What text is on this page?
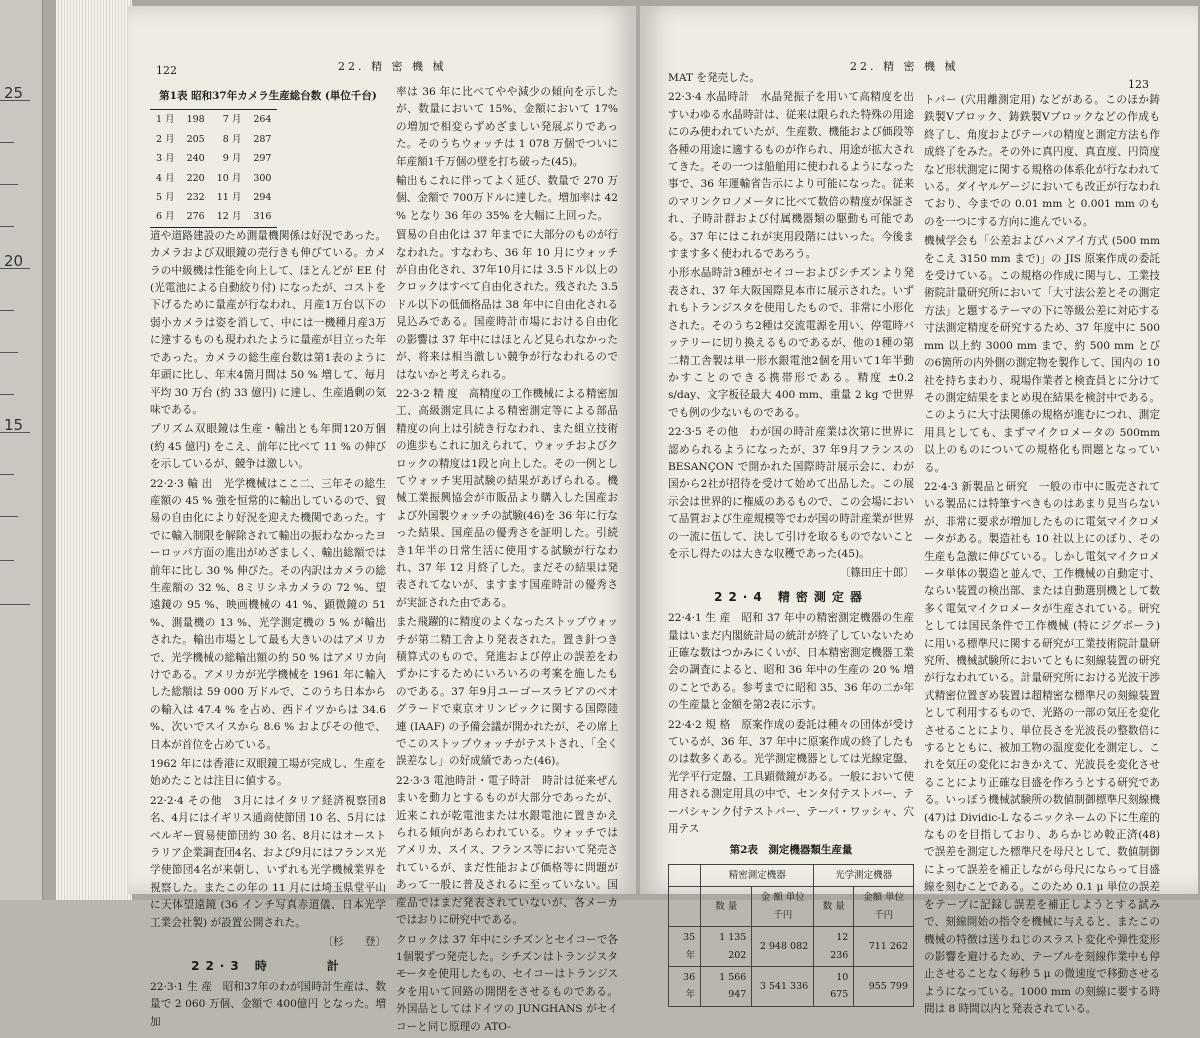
25
20
15
122	22. 精 密 機 械
第1表 昭和37年カメラ生産総台数 (単位千台)
1 月	198	7 月	264
2 月	205	8 月	287
3 月	240	9 月	297
4 月	220	10 月	300
5 月	232	11 月	294
6 月	276	12 月	316

道や道路建設のため測量機関係は好況であった。カメラおよび双眼鏡の売行きも伸びている。カメラの中級機は性能を向上して、ほとんどが EE 付 (光電池による自動絞り付) になったが、コストを下げるために量産が行なわれ、月産1万台以下の弱小カメラは姿を消して、中には一機種月産3万に達するものも現われたように量産が目立った年であった。カメラの総生産台数は第1表のように年頭に比し、年末4箇月間は 50 % 増して、毎月平均 30 万台 (約 33 億円) に達し、生産過剰の気味である。

プリズム双眼鏡は生産・輸出とも年間120万個 (約 45 億円) をこえ、前年に比べて 11 % の伸びを示しているが、競争は激しい。

22·2·3 輸 出　光学機械はここ二、三年その総生産額の 45 % 強を恒常的に輸出しているので、貿易の自由化により好況を迎えた機関であった。すでに輸入制限を解除されて輸出の振わなかったヨーロッパ方面の進出がめざましく、輸出総額では前年に比し 30 % 伸びた。その内訳はカメラの総生産額の 32 %、8ミリシネカメラの 72 %、望遠鏡の 95 %、映画機械の 41 %、顕微鏡の 51 %、測量機の 13 %、光学測定機の 5 % が輸出された。輸出市場として最も大きいのはアメリカで、光学機械の総輸出額の約 50 % はアメリカ向けである。アメリカが光学機械を 1961 年に輸入した総額は 59 000 万ドルで、このうち日本からの輸入は 47.4 % を占め、西ドイツからは 34.6 %、次いでスイスから 8.6 % およびその他で、日本が首位を占めている。

1962 年には香港に双眼鏡工場が完成し、生産を始めたことは注目に値する。

22·2·4 その他　3月にはイタリア経済視察団8名、4月にはイギリス通商使節団 10 名、5月にはベルギー貿易使節団約 30 名、8月にはオーストラリア企業調査団4名、および9月にはフランス光学使節団4名が来朝し、いずれも光学機械業界を視察した。またこの年の 11 月には埼玉県堂平山に天体望遠鏡 (36 インチ写真赤道儀、日本光学工業会社製) が設置公開された。

〔杉　　登〕
22·3 時　　　計

22·3·1 生 産　昭和37年のわが国時計生産は、数量で 2 060 万個、金額で 400億円 となった。増加

率は 36 年に比べてやや減少の傾向を示したが、数量において 15%、金額において 17% の増加で相変らずめざましい発展ぶりであった。そのうちウォッチは 1 078 万個でついに年産額1千万個の壁を打ち破った(45)。

輸出もこれに伴ってよく延び、数量で 270 万個、金額で 700万ドルに達した。増加率は 42 % となり 36 年の 35% を大幅に上回った。

貿易の自由化は 37 年までに大部分のものが行なわれた。すなわち、36 年 10 月にウォッチが自由化され、37年10月には 3.5ドル以上のクロックはすべて自由化された。残された 3.5 ドル以下の低価格品は 38 年中に自由化される見込みである。国産時計市場における自由化の影響は 37 年中にはほとんど見られなかったが、将来は相当激しい競争が行なわれるのではないかと考えられる。

22·3·2 精 度　高精度の工作機械による精密加工、高級測定具による精密測定等による部品精度の向上は引続き行なわれ、また組立技術の進歩もこれに加えられて、ウォッチおよびクロックの精度は1段と向上した。その一例としてウォッチ実用試験の結果があげられる。機械工業振興協会が市販品より購入した国産および外国製ウォッチの試験(46)を 36 年に行なった結果、国産品の優秀さを証明した。引続き1年半の日常生活に使用する試験が行なわれ、37 年 12 月終了した。まだその結果は発表されてないが、ますます国産時計の優秀さが実証された由である。

また飛躍的に精度のよくなったストップウォッチが第二精工舎より発表された。置き針つき積算式のもので、発進および停止の誤差をわずかにするためにいろいろの考案を施したものである。37 年9月ユーゴースラビアのベオグラードで東京オリンピックに関する国際陸連 (IAAF) の予備会議が開かれたが、その席上でこのストップウォッチがテストされ、「全く誤差なし」の好成績であった(46)。

22·3·3 電池時計・電子時計　時計は従来ぜんまいを動力とするものが大部分であったが、近来これが乾電池または水銀電池に置きかえられる傾向があらわれている。ウォッチではアメリカ、スイス、フランス等において発売されているが、まだ性能および価格等に問題があって一般に普及されるに至っていない。国産品ではまだ発表されていないが、各メーカではおりに研究中である。

クロックは 37 年中にシチズンとセイコーで各1個製ずつ発売した。シチズンはトランジスタモータを使用したもの、セイコーはトランジスタを用いて回路の開閉をさせるものである。外国品としてはドイツの JUNGHANS がセイコーと同じ原理の ATO-

22. 精 密 機 械
123

MAT を発売した。

22·3·4 水晶時計　水晶発振子を用いて高精度を出すいわゆる水晶時計は、従来は限られた特殊の用途にのみ使われていたが、生産数、機能および価段等各種の用途に適するものが作られ、用途が拡大されてきた。その一つは船舶用に使われるようになった事で、36 年運輸省告示により可能になった。従来のマリンクロノメータに比べて数倍の精度が保証され、子時計群および付属機器類の駆動も可能である。37 年にはこれが実用段階にはいった。今後ますます多く使われるであろう。

小形水晶時計3種がセイコーおよびシチズンより発表され、37 年大阪国際見本市に展示された。いずれもトランジスタを使用したもので、非常に小形化された。そのうち2種は交流電源を用い、停電時バッテリーに切り換えるものであるが、他の1種の第二精工舎製は単一形水銀電池2個を用いて1年半動かすことのできる携帯形である。精度 ±0.2 s/day、文字板径最大 400 mm、重量 2 kg で世界でも例の少ないものである。

22·3·5 その他　わが国の時計産業は次第に世界に認められるようになったが、37 年9月フランスの BESANÇON で開かれた国際時計展示会に、わが国から2社が招待を受けて始めて出品した。この展示会は世界的に権威のあるもので、この会場において品質および生産規模等でわが国の時計産業が世界の一流に伍して、決して引けを取るものでないことを示し得たのは大きな収穫であった(45)。

〔篠田庄十郎〕
22·4 精密測定器

22·4·1 生 産　昭和 37 年中の精密測定機器の生産量はいまだ内閣統計局の統計が終了していないため正確な数はつかみにくいが、日本精密測定機器工業会の調査によると、昭和 36 年中の生産の 20 % 増のことである。参考までに昭和 35、36 年の二か年の生産量と金額を第2表に示す。

22·4·2 規 格　原案作成の委託は種々の団体が受けているが、36 年、37 年中に原案作成の終了したものは数多くある。光学測定機器としては光線定盤、光学平行定盤、工具顕微鏡がある。一般において使用される測定用具の中で、センタ付テストバー、テーパシャンク付テストバー、テーパ・ワッシャ、穴用テス

第2表　測定機器類生産量
	精密測定機器		光学測定機器	
	数 量	金 額 単位千円	数 量	金額 単位千円
35 年	1 135 202	2 948 082	12 236	711 262
36 年	1 566 947	3 541 336	10 675	955 799

トバー (穴用離測定用) などがある。このほか鋳鉄製Vブロック、鋳鉄製Vブロックなどの作成も終了し、角度およびテーパの精度と測定方法も作成終了をみた。その外に真円度、真直度、円筒度など形状測定に関する規格の体系化が行なわれている。ダイヤルゲージにおいても改正が行なわれており、今までの 0.01 mm と 0.001 mm のものを一つにする方向に進んでいる。

機械学会も「公差およびハメアイ方式 (500 mm をこえ 3150 mm まで)」の JIS 原案作成の委託を受けている。この規格の作成に関与し、工業技術院計量研究所において「大寸法公差とその測定方法」と題するテーマの下に等級公差に対応する寸法測定精度を研究するため、37 年度中に 500 mm 以上約 3000 mm まで、約 500 mm とびの6箇所の内外側の測定物を製作して、国内の 10 社を持ちまわり、現場作業者と検査員とに分けてその測定結果をまとめ現在結果を検討中である。このように大寸法関係の規格が進むにつれ、測定用具としても、まずマイクロメータの 500mm 以上のものについての規格化も問題となっている。

22·4·3 新製品と研究　一般の市中に販売されている製品には特筆すべきものはあまり見当らないが、非常に要求が増加したものに電気マイクロメータがある。製造社も 10 社以上にのぼり、その生産も急激に伸びている。しかし電気マイクロメータ単体の製造と並んで、工作機械の自動定寸、ならい装置の検出部、または自動選別機として数多く電気マイクロメータが生産されている。研究としては国民条件で工作機械 (特にジグボーラ) に用いる標準尺に関する研究が工業技術院計量研究所、機械試験所においてともに刻線装置の研究が行なわれている。計量研究所における光波干渉式精密位置ぎめ装置は超精密な標準尺の刻線装置として利用するもので、光路の一部の気圧を変化させることにより、単位長さを光波長の整数倍にするとともに、被加工物の温度変化を測定し、これを気圧の変化におきかえて、光波長を変化させることにより正確な目盛を作ろうとする研究である。いっぽう機械試験所の数値制御標準尺刻線機(47)は Dividic-L なるニックネームの下に生産的なものを目指しており、あらかじめ較正済(48) で誤差を測定した標準尺を母尺として、数値制御によって誤差を補正しながら母尺にならって目盛線を刻むことである。このため 0.1 μ 単位の誤差をテープに記録し誤差を補正しようとする試みで、刻線開始の指令を機械に与えると、またこの機械の特徴は送りねじのスラスト変化や弾性変形の影響を避けるため、テーブルを刻線作業中も停止させることなく毎秒 5 μ の微速度で移動させるようになっている。1000 mm の刻線に要する時間は 8 時間以内と発表されている。
